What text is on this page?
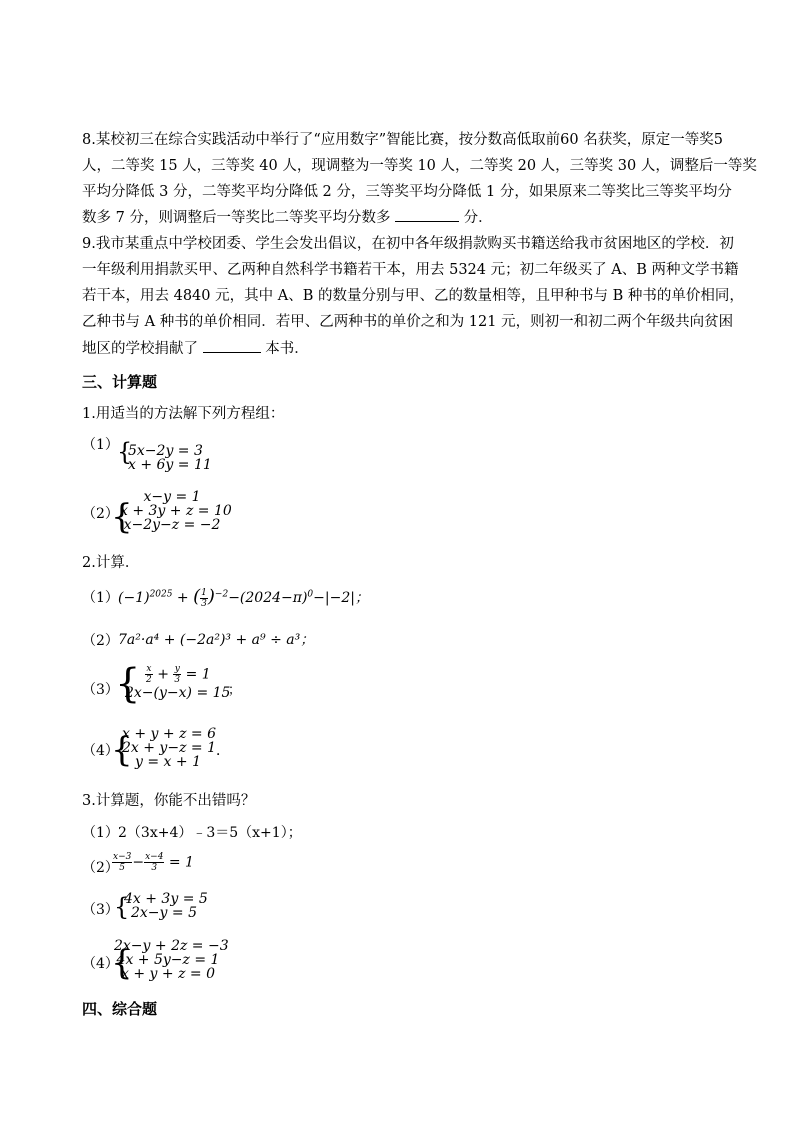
8.某校初三在综合实践活动中举行了“应用数字”智能比赛，按分数高低取前60 名获奖，原定一等奖5
人，二等奖 15 人，三等奖 40 人，现调整为一等奖 10 人，二等奖 20 人，三等奖 30 人，调整后一等奖
平均分降低 3 分，二等奖平均分降低 2 分，三等奖平均分降低 1 分，如果原来二等奖比三等奖平均分
数多 7 分，则调整后一等奖比二等奖平均分数多	分．
9.我市某重点中学校团委、学生会发出倡议，在初中各年级捐款购买书籍送给我市贫困地区的学校．初
一年级利用捐款买甲、乙两种自然科学书籍若干本，用去 5324 元；初二年级买了 A、B 两种文学书籍
若干本，用去 4840 元，其中 A、B 的数量分别与甲、乙的数量相等，且甲种书与 B 种书的单价相同，
乙种书与 A 种书的单价相同．若甲、乙两种书的单价之和为 121 元，则初一和初二两个年级共向贫困
地区的学校捐献了	本书．
三、计算题
1.用适当的方法解下列方程组：
（1）
{
5x−2y = 3
x + 6y = 11
（2）
{ x−y = 1
x + 3y + z = 10
x−2y−z = −2
2.计算．
（1） $(-1)^{2025}$ + ( $\frac{1}{3} )^{-2}-(2024-\pi)^0-|-2|$；
（2） 7a²·a⁴ + (−2a²)³ + a⁹ ÷ a³；
（3）
{ $\frac{x}{2} + \frac{y}{3} = 1$
2x−(y−x) = 15
；
（4）
{
x + y + z = 6
2x + y−z = 1
y = x + 1
．
3.计算题，你能不出错吗？
（1） 2（3x+4）﹣3＝5（x+1）；
（2）
$\frac{x-3}{5} - \frac{x-4}{3} = 1$
（3）
{
4x + 3y = 5
2x−y = 5
（4）
{
2x−y + 2z = −3
4x + 5y−z = 1
x + y + z = 0
四、综合题
